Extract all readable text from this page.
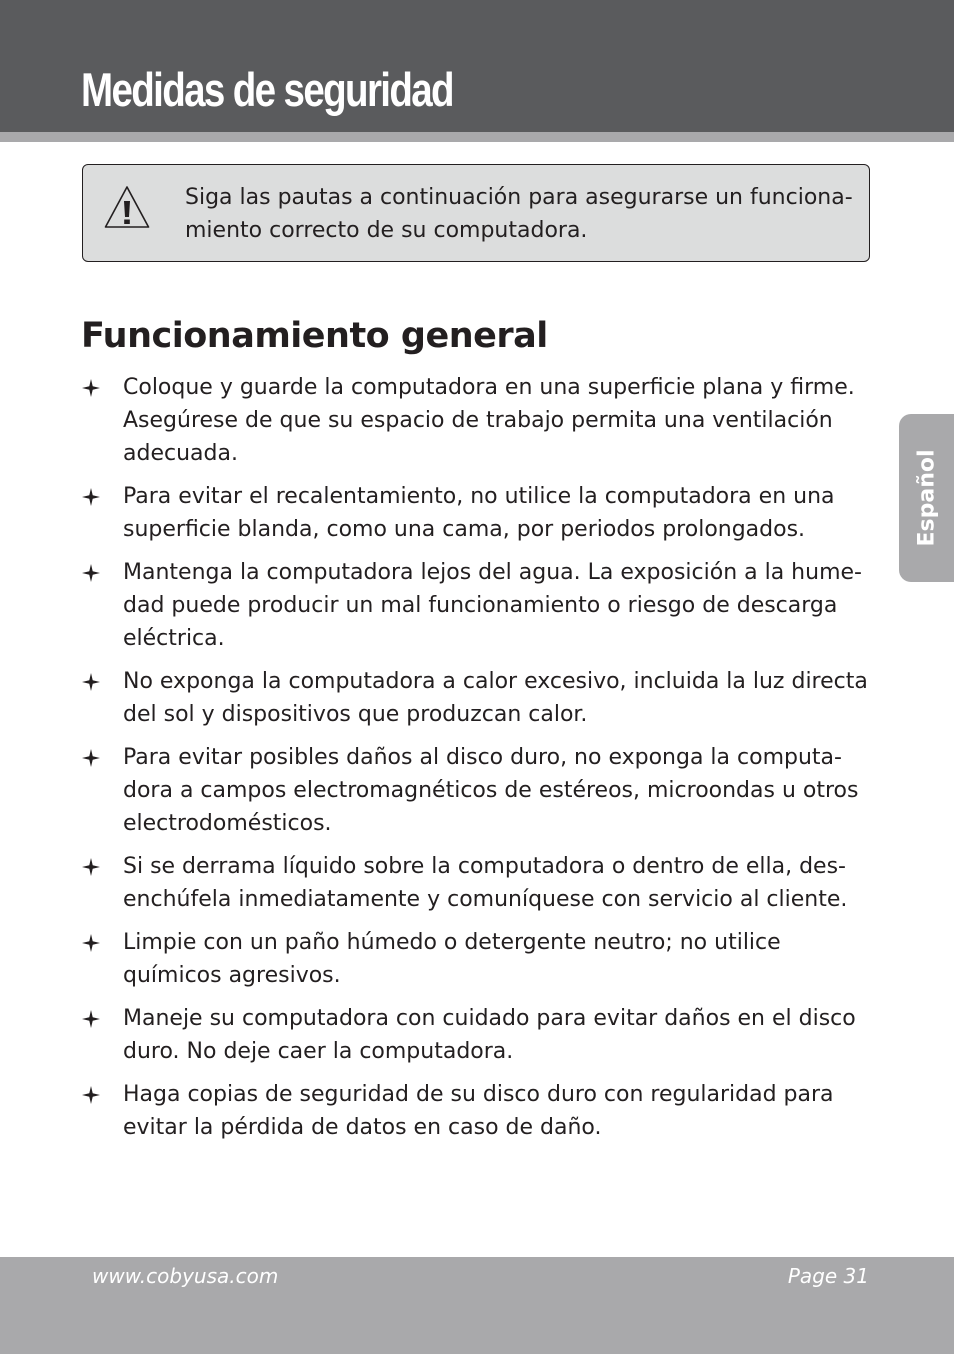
Medidas de seguridad
Siga las pautas a continuación para asegurarse un funciona-miento correcto de su computadora.
Funcionamiento general
Coloque y guarde la computadora en una superficie plana y firme. Asegúrese de que su espacio de trabajo permita una ventilación adecuada.
Para evitar el recalentamiento, no utilice la computadora en una superficie blanda, como una cama, por periodos prolongados.
Mantenga la computadora lejos del agua. La exposición a la hume-dad puede producir un mal funcionamiento o riesgo de descarga eléctrica.
No exponga la computadora a calor excesivo, incluida la luz directa del sol y dispositivos que produzcan calor.
Para evitar posibles daños al disco duro, no exponga la computa-dora a campos electromagnéticos de estéreos, microondas u otros electrodomésticos.
Si se derrama líquido sobre la computadora o dentro de ella, des-enchúfela inmediatamente y comuníquese con servicio al cliente.
Limpie con un paño húmedo o detergente neutro; no utilice químicos agresivos.
Maneje su computadora con cuidado para evitar daños en el disco duro. No deje caer la computadora.
Haga copias de seguridad de su disco duro con regularidad para evitar la pérdida de datos en caso de daño.
Español
www.cobyusa.com	Page 31
